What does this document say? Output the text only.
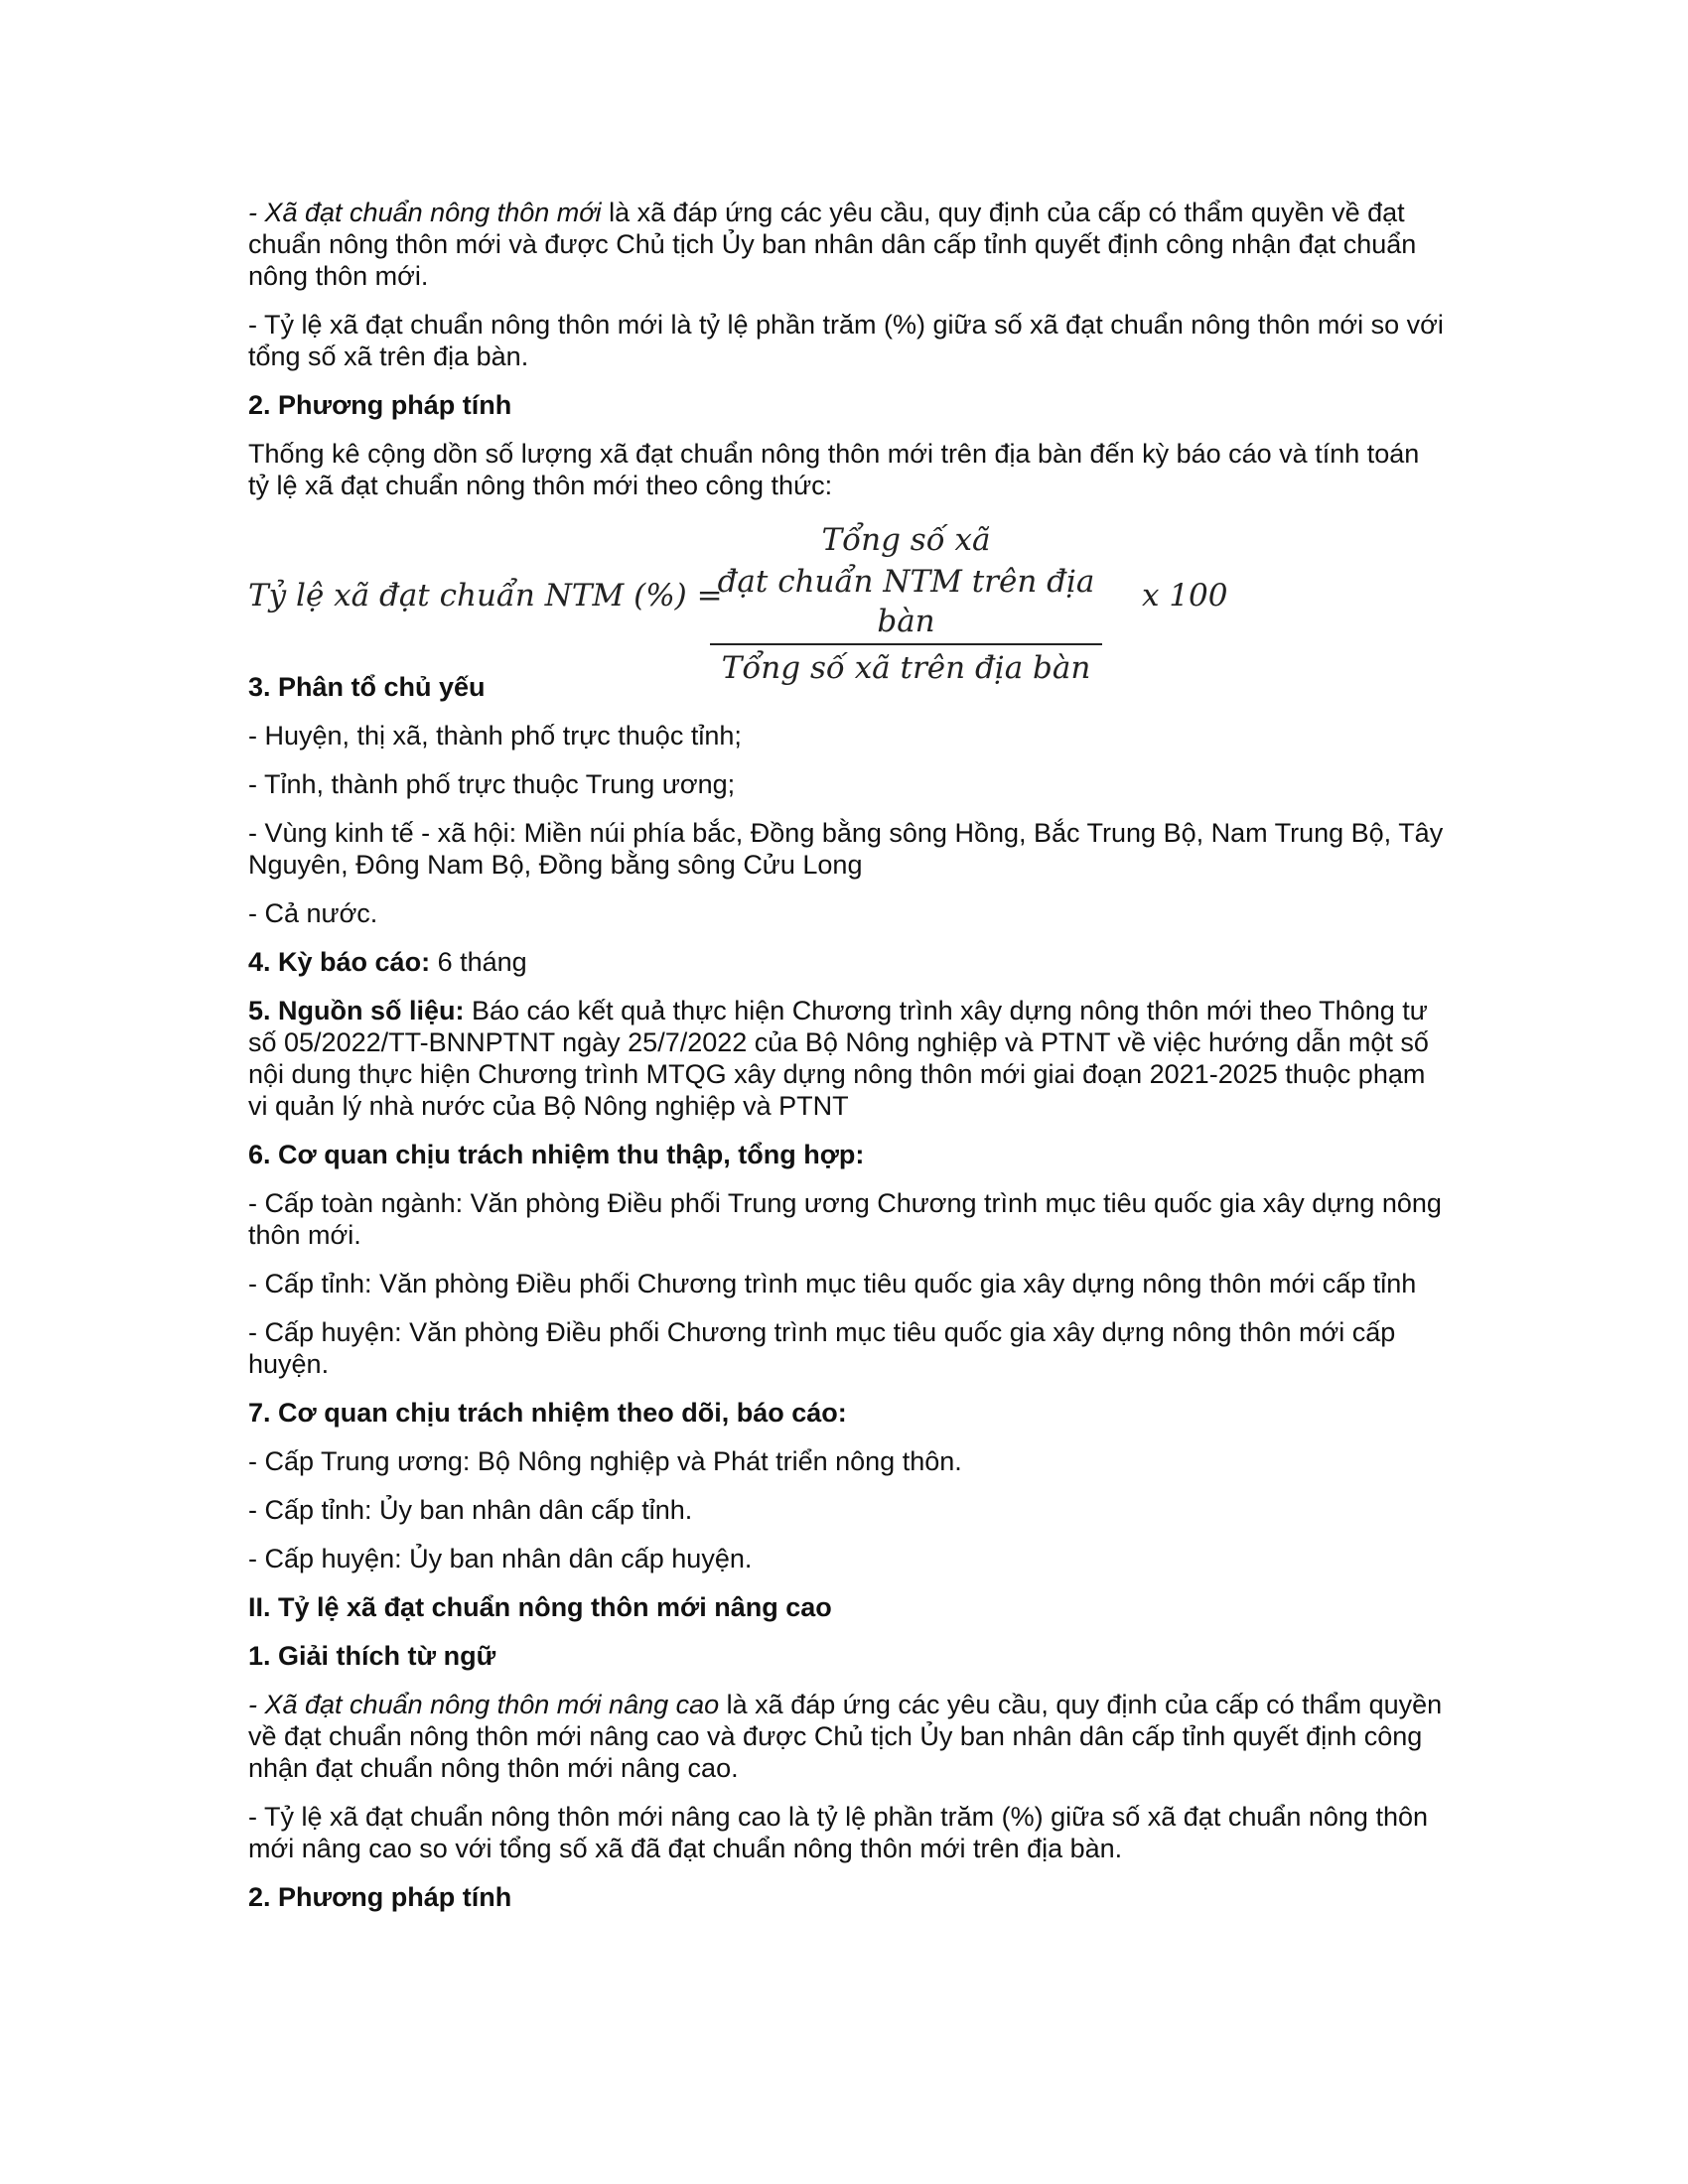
- Xã đạt chuẩn nông thôn mới là xã đáp ứng các yêu cầu, quy định của cấp có thẩm quyền về đạt chuẩn nông thôn mới và được Chủ tịch Ủy ban nhân dân cấp tỉnh quyết định công nhận đạt chuẩn nông thôn mới.

- Tỷ lệ xã đạt chuẩn nông thôn mới là tỷ lệ phần trăm (%) giữa số xã đạt chuẩn nông thôn mới so với tổng số xã trên địa bàn.

2. Phương pháp tính

Thống kê cộng dồn số lượng xã đạt chuẩn nông thôn mới trên địa bàn đến kỳ báo cáo và tính toán tỷ lệ xã đạt chuẩn nông thôn mới theo công thức:

Tỷ lệ xã đạt chuẩn NTM (%) =
Tổng số xã
đạt chuẩn NTM trên địa bàn
Tổng số xã trên địa bàn
x 100

3. Phân tổ chủ yếu

- Huyện, thị xã, thành phố trực thuộc tỉnh;

- Tỉnh, thành phố trực thuộc Trung ương;

- Vùng kinh tế - xã hội: Miền núi phía bắc, Đồng bằng sông Hồng, Bắc Trung Bộ, Nam Trung Bộ, Tây Nguyên, Đông Nam Bộ, Đồng bằng sông Cửu Long

- Cả nước.

4. Kỳ báo cáo: 6 tháng

5. Nguồn số liệu: Báo cáo kết quả thực hiện Chương trình xây dựng nông thôn mới theo Thông tư số 05/2022/TT-BNNPTNT ngày 25/7/2022 của Bộ Nông nghiệp và PTNT về việc hướng dẫn một số nội dung thực hiện Chương trình MTQG xây dựng nông thôn mới giai đoạn 2021-2025 thuộc phạm vi quản lý nhà nước của Bộ Nông nghiệp và PTNT

6. Cơ quan chịu trách nhiệm thu thập, tổng hợp:

- Cấp toàn ngành: Văn phòng Điều phối Trung ương Chương trình mục tiêu quốc gia xây dựng nông thôn mới.

- Cấp tỉnh: Văn phòng Điều phối Chương trình mục tiêu quốc gia xây dựng nông thôn mới cấp tỉnh

- Cấp huyện: Văn phòng Điều phối Chương trình mục tiêu quốc gia xây dựng nông thôn mới cấp huyện.

7. Cơ quan chịu trách nhiệm theo dõi, báo cáo:

- Cấp Trung ương: Bộ Nông nghiệp và Phát triển nông thôn.

- Cấp tỉnh: Ủy ban nhân dân cấp tỉnh.

- Cấp huyện: Ủy ban nhân dân cấp huyện.

II. Tỷ lệ xã đạt chuẩn nông thôn mới nâng cao

1. Giải thích từ ngữ

- Xã đạt chuẩn nông thôn mới nâng cao là xã đáp ứng các yêu cầu, quy định của cấp có thẩm quyền về đạt chuẩn nông thôn mới nâng cao và được Chủ tịch Ủy ban nhân dân cấp tỉnh quyết định công nhận đạt chuẩn nông thôn mới nâng cao.

- Tỷ lệ xã đạt chuẩn nông thôn mới nâng cao là tỷ lệ phần trăm (%) giữa số xã đạt chuẩn nông thôn mới nâng cao so với tổng số xã đã đạt chuẩn nông thôn mới trên địa bàn.

2. Phương pháp tính
